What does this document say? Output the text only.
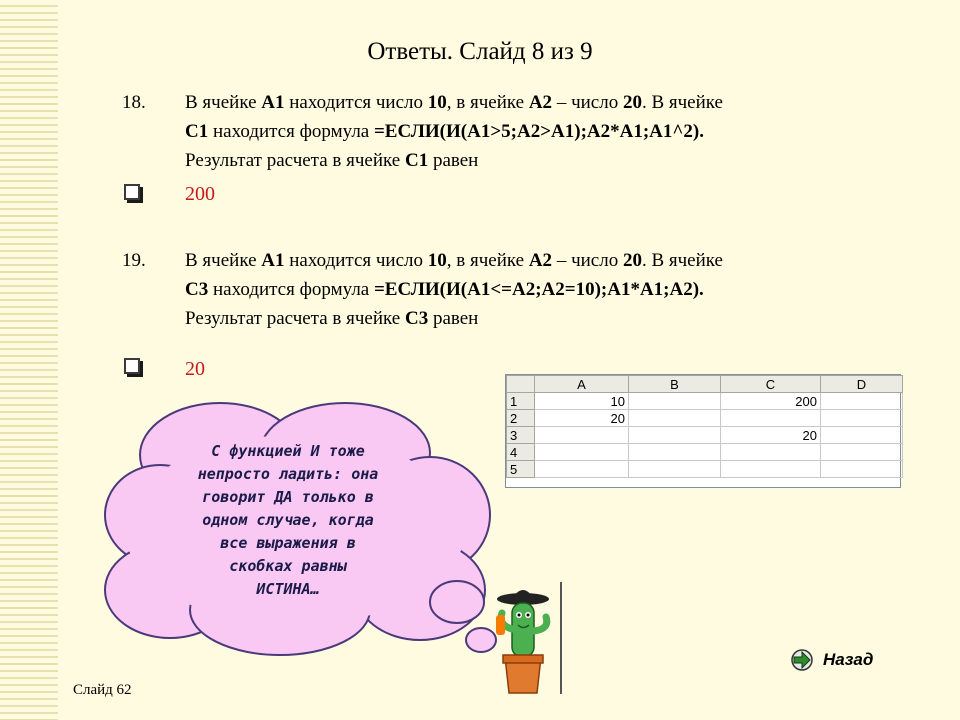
Ответы. Слайд 8 из 9
18. В ячейке А1 находится число 10, в ячейке А2 – число 20. В ячейке
С1 находится формула =ЕСЛИ(И(А1>5;А2>А1);А2*А1;А1^2).
Результат расчета в ячейке С1 равен
200
19. В ячейке А1 находится число 10, в ячейке А2 – число 20. В ячейке
С3 находится формула =ЕСЛИ(И(А1<=А2;А2=10);А1*А1;А2).
Результат расчета в ячейке С3 равен
20
	A	B	C	D
1	10		200	
2	20			
3			20	
4				
5				
С функцией И тоже
непросто ладить: она
говорит ДА только в
одном случае, когда
все выражения в
скобках равны
ИСТИНА…
Назад
Слайд 62
